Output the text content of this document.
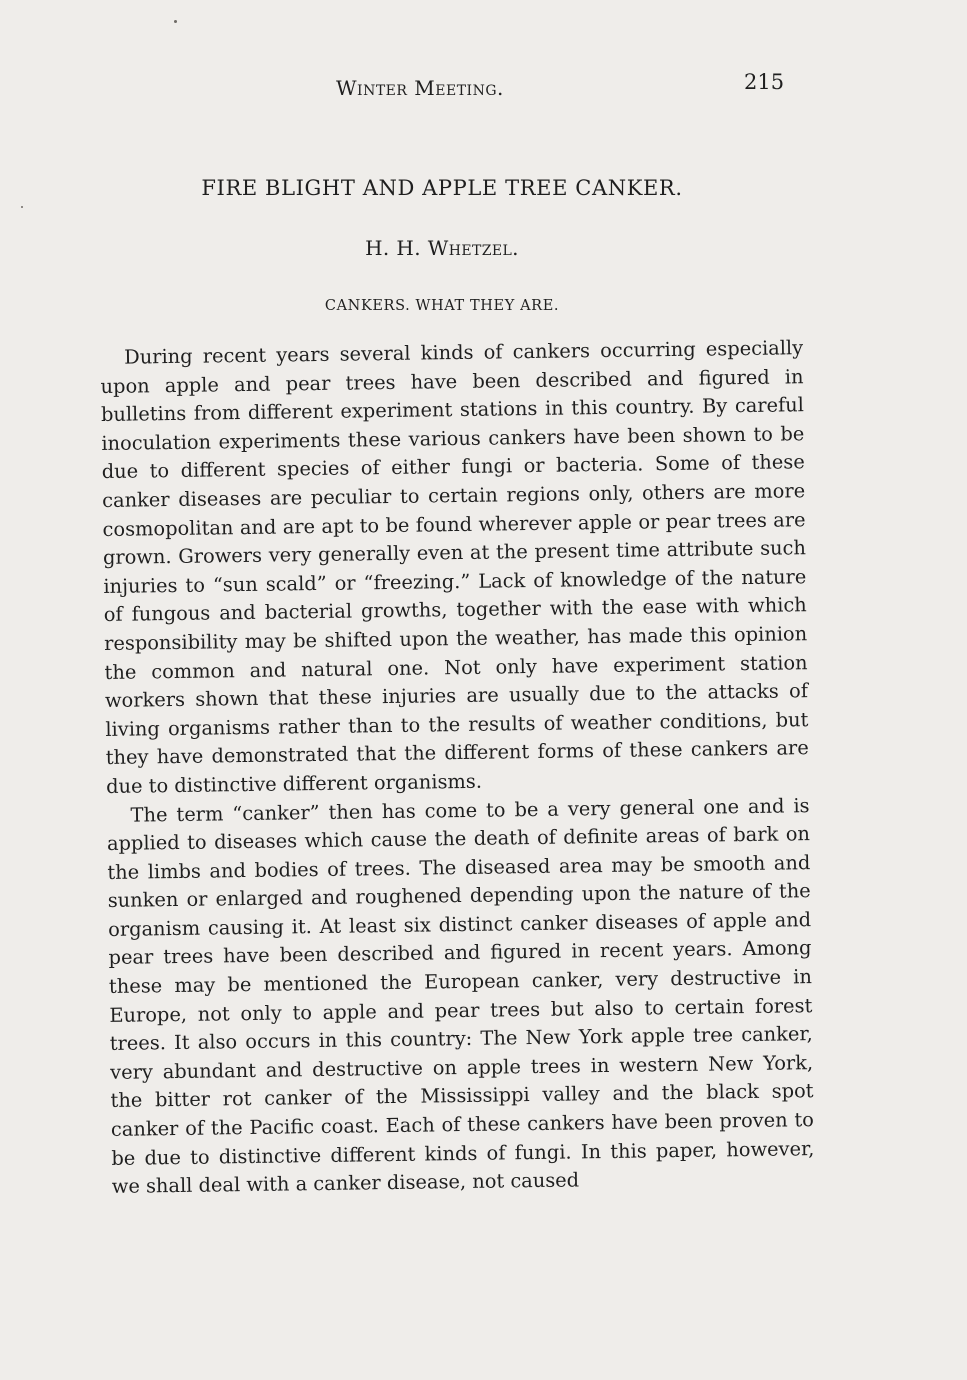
Winter Meeting.	215
FIRE BLIGHT AND APPLE TREE CANKER.
H. H. Whetzel.
CANKERS. WHAT THEY ARE.

During recent years several kinds of cankers occurring especially upon apple and pear trees have been described and figured in bulletins from different experiment stations in this country. By careful inoculation experiments these various cankers have been shown to be due to different species of either fungi or bacteria. Some of these canker diseases are peculiar to certain regions only, others are more cosmopolitan and are apt to be found wherever apple or pear trees are grown. Growers very generally even at the present time attribute such injuries to “sun scald” or “freezing.” Lack of knowledge of the nature of fungous and bacterial growths, together with the ease with which responsibility may be shifted upon the weather, has made this opinion the common and natural one. Not only have experiment station workers shown that these injuries are usually due to the attacks of living organisms rather than to the results of weather conditions, but they have demonstrated that the different forms of these cankers are due to distinctive different organisms.

The term “canker” then has come to be a very general one and is applied to diseases which cause the death of definite areas of bark on the limbs and bodies of trees. The diseased area may be smooth and sunken or enlarged and roughened depending upon the nature of the organism causing it. At least six distinct canker diseases of apple and pear trees have been described and figured in recent years. Among these may be mentioned the European canker, very destructive in Europe, not only to apple and pear trees but also to certain forest trees. It also occurs in this country: The New York apple tree canker, very abundant and destructive on apple trees in western New York, the bitter rot canker of the Mississippi valley and the black spot canker of the Pacific coast. Each of these cankers have been proven to be due to distinctive different kinds of fungi. In this paper, however, we shall deal with a canker disease, not caused
